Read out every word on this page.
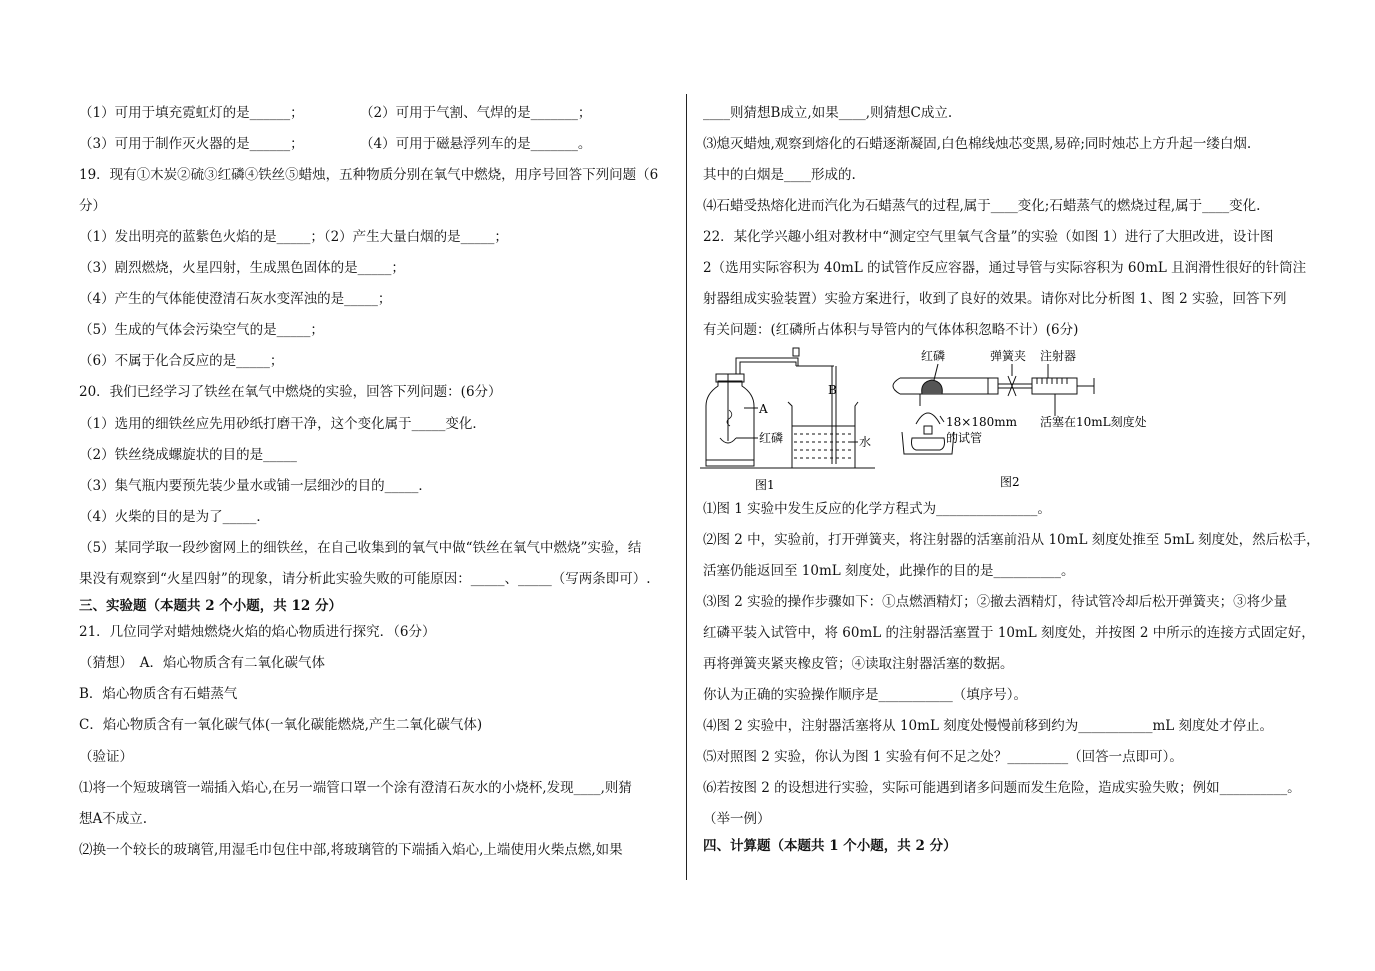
（1）可用于填充霓虹灯的是______；	（2）可用于气割、气焊的是_______；
（3）可用于制作灭火器的是______；	（4）可用于磁悬浮列车的是_______。
19．现有①木炭②硫③红磷④铁丝⑤蜡烛，五种物质分别在氧气中燃烧，用序号回答下列问题（6
分）
（1）发出明亮的蓝紫色火焰的是_____；（2）产生大量白烟的是_____；
（3）剧烈燃烧，火星四射，生成黑色固体的是_____；
（4）产生的气体能使澄清石灰水变浑浊的是_____；
（5）生成的气体会污染空气的是_____；
（6）不属于化合反应的是_____；
20．我们已经学习了铁丝在氧气中燃烧的实验，回答下列问题：(6分）
（1）选用的细铁丝应先用砂纸打磨干净，这个变化属于_____变化．
（2）铁丝绕成螺旋状的目的是_____
（3）集气瓶内要预先装少量水或铺一层细沙的目的_____．
（4）火柴的目的是为了_____．
（5）某同学取一段纱窗网上的细铁丝，在自己收集到的氧气中做“铁丝在氧气中燃烧”实验，结
果没有观察到“火星四射”的现象，请分析此实验失败的可能原因：_____、_____（写两条即可）.
三、实验题（本题共 2 个小题，共 12 分）
21．几位同学对蜡烛燃烧火焰的焰心物质进行探究．（6分）
（猜想）　A．焰心物质含有二氧化碳气体
B．焰心物质含有石蜡蒸气
C．焰心物质含有一氧化碳气体(一氧化碳能燃烧,产生二氧化碳气体)
（验证）
⑴将一个短玻璃管一端插入焰心,在另一端管口罩一个涂有澄清石灰水的小烧杯,发现____,则猜
想A不成立.
⑵换一个较长的玻璃管,用湿毛巾包住中部,将玻璃管的下端插入焰心,上端使用火柴点燃,如果
____则猜想B成立,如果____,则猜想C成立.
⑶熄灭蜡烛,观察到熔化的石蜡逐渐凝固,白色棉线烛芯变黑,易碎;同时烛芯上方升起一缕白烟.
其中的白烟是____形成的.
⑷石蜡受热熔化进而汽化为石蜡蒸气的过程,属于____变化;石蜡蒸气的燃烧过程,属于____变化.
22．某化学兴趣小组对教材中“测定空气里氧气含量”的实验（如图 1）进行了大胆改进，设计图
2（选用实际容积为 40mL 的试管作反应容器，通过导管与实际容积为 60mL 且润滑性很好的针筒注
射器组成实验装置）实验方案进行，收到了良好的效果。请你对比分析图 1、图 2 实验，回答下列
有关问题：(红磷所占体积与导管内的气体体积忽略不计）(6分)
⑴图 1 实验中发生反应的化学方程式为_______________。
⑵图 2 中，实验前，打开弹簧夹，将注射器的活塞前沿从 10mL 刻度处推至 5mL 刻度处，然后松手，
活塞仍能返回至 10mL 刻度处，此操作的目的是__________。
⑶图 2 实验的操作步骤如下：①点燃酒精灯；②撤去酒精灯，待试管冷却后松开弹簧夹；③将少量
红磷平装入试管中，将 60mL 的注射器活塞置于 10mL 刻度处，并按图 2 中所示的连接方式固定好，
再将弹簧夹紧夹橡皮管；④读取注射器活塞的数据。
你认为正确的实验操作顺序是___________（填序号）。
⑷图 2 实验中，注射器活塞将从 10mL 刻度处慢慢前移到约为___________mL 刻度处才停止。
⑸对照图 2 实验，你认为图 1 实验有何不足之处？_________（回答一点即可）。
⑹若按图 2 的设想进行实验，实际可能遇到诸多问题而发生危险，造成实验失败；例如__________。
（举一例）
四、计算题（本题共 1 个小题，共 2 分）
A
B
红磷	水
图1
红磷	弹簧夹 注射器
18×180mm
的试管
活塞在10mL刻度处
图2
